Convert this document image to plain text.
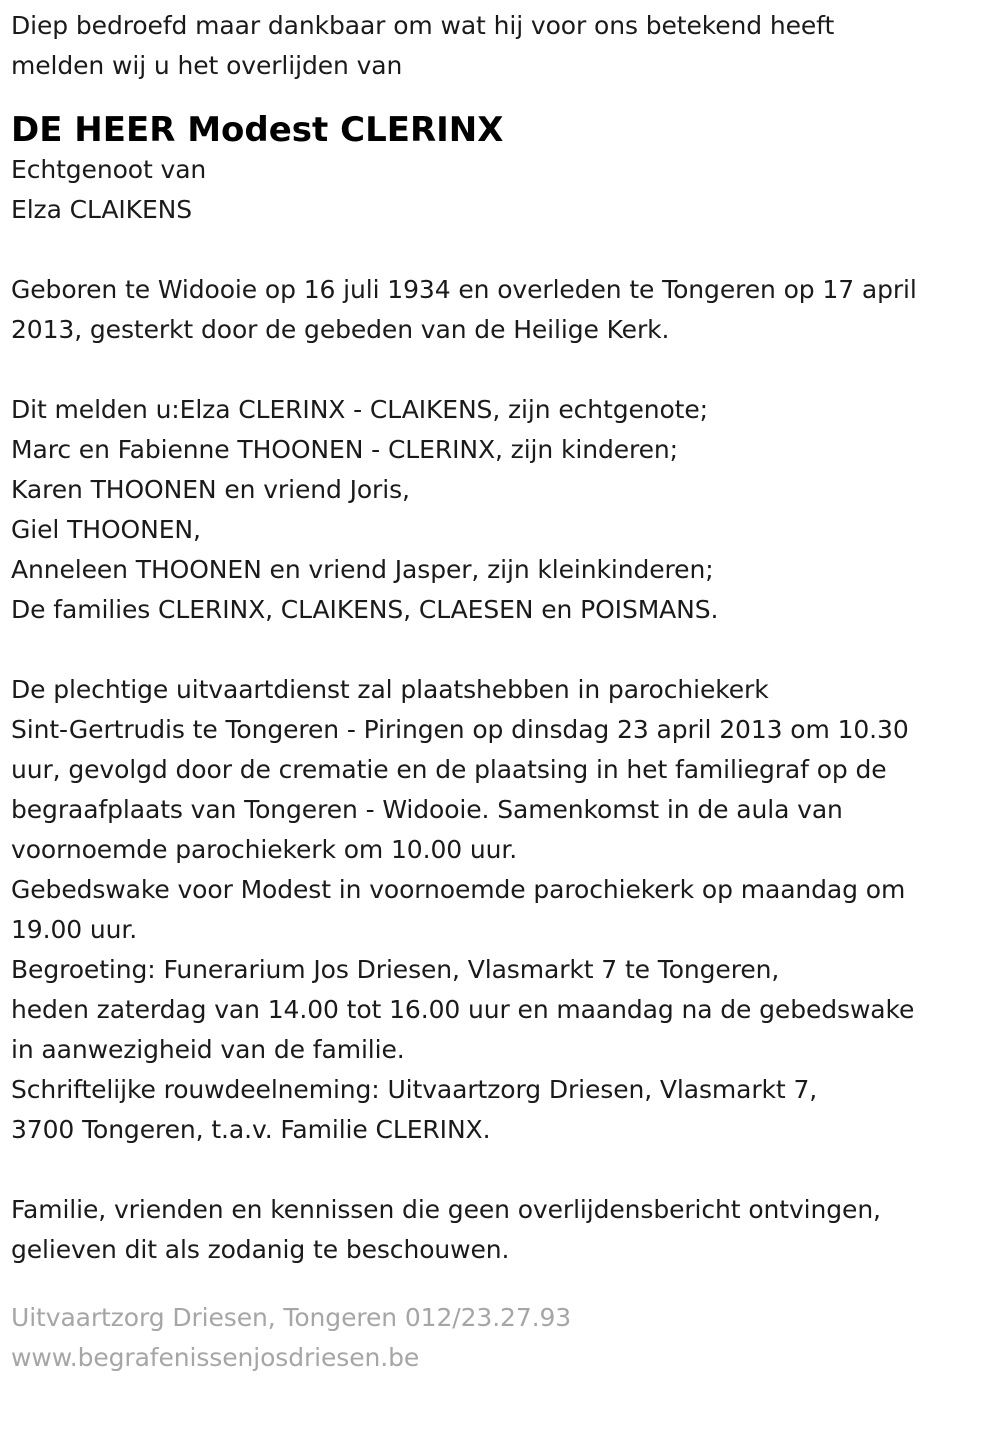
Diep bedroefd maar dankbaar om wat hij voor ons betekend heeft
melden wij u het overlijden van
DE HEER Modest CLERINX
Echtgenoot van
Elza CLAIKENS
Geboren te Widooie op 16 juli 1934 en overleden te Tongeren op 17 april
2013, gesterkt door de gebeden van de Heilige Kerk.
Dit melden u:Elza CLERINX - CLAIKENS, zijn echtgenote;
Marc en Fabienne THOONEN - CLERINX, zijn kinderen;
Karen THOONEN en vriend Joris,
Giel THOONEN,
Anneleen THOONEN en vriend Jasper, zijn kleinkinderen;
De families CLERINX, CLAIKENS, CLAESEN en POISMANS.
De plechtige uitvaartdienst zal plaatshebben in parochiekerk
Sint-Gertrudis te Tongeren - Piringen op dinsdag 23 april 2013 om 10.30
uur, gevolgd door de crematie en de plaatsing in het familiegraf op de
begraafplaats van Tongeren - Widooie. Samenkomst in de aula van
voornoemde parochiekerk om 10.00 uur.
Gebedswake voor Modest in voornoemde parochiekerk op maandag om
19.00 uur.
Begroeting: Funerarium Jos Driesen, Vlasmarkt 7 te Tongeren,
heden zaterdag van 14.00 tot 16.00 uur en maandag na de gebedswake
in aanwezigheid van de familie.
Schriftelijke rouwdeelneming: Uitvaartzorg Driesen, Vlasmarkt 7,
3700 Tongeren, t.a.v. Familie CLERINX.
Familie, vrienden en kennissen die geen overlijdensbericht ontvingen,
gelieven dit als zodanig te beschouwen.
Uitvaartzorg Driesen, Tongeren 012/23.27.93
www.begrafenissenjosdriesen.be
